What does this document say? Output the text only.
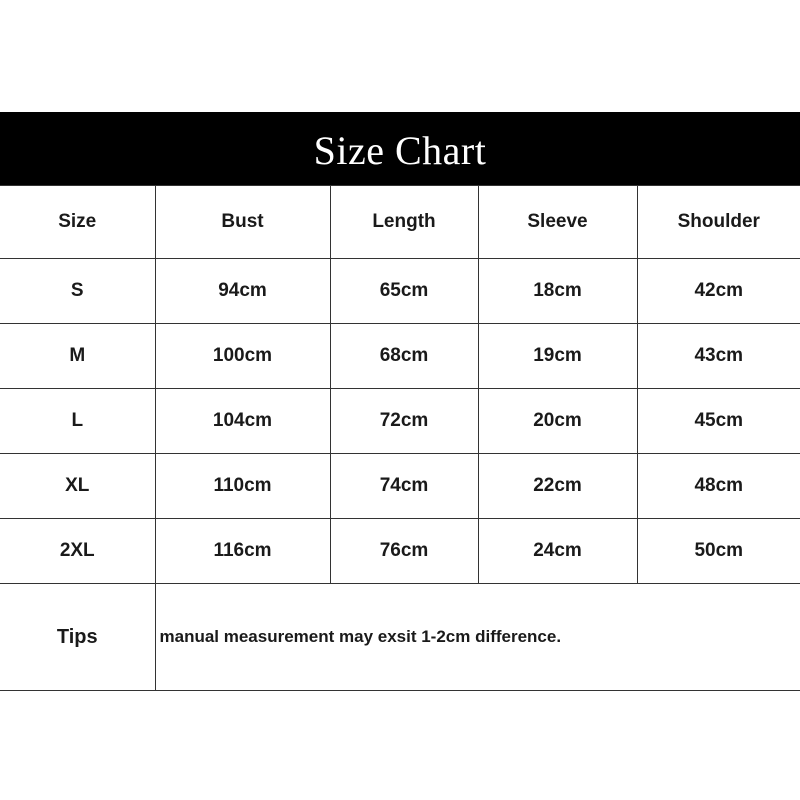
Size Chart
Size	Bust	Length	Sleeve	Shoulder
S	94cm	65cm	18cm	42cm
M	100cm	68cm	19cm	43cm
L	104cm	72cm	20cm	45cm
XL	110cm	74cm	22cm	48cm
2XL	116cm	76cm	24cm	50cm
Tips	manual measurement may exsit 1-2cm difference.			
